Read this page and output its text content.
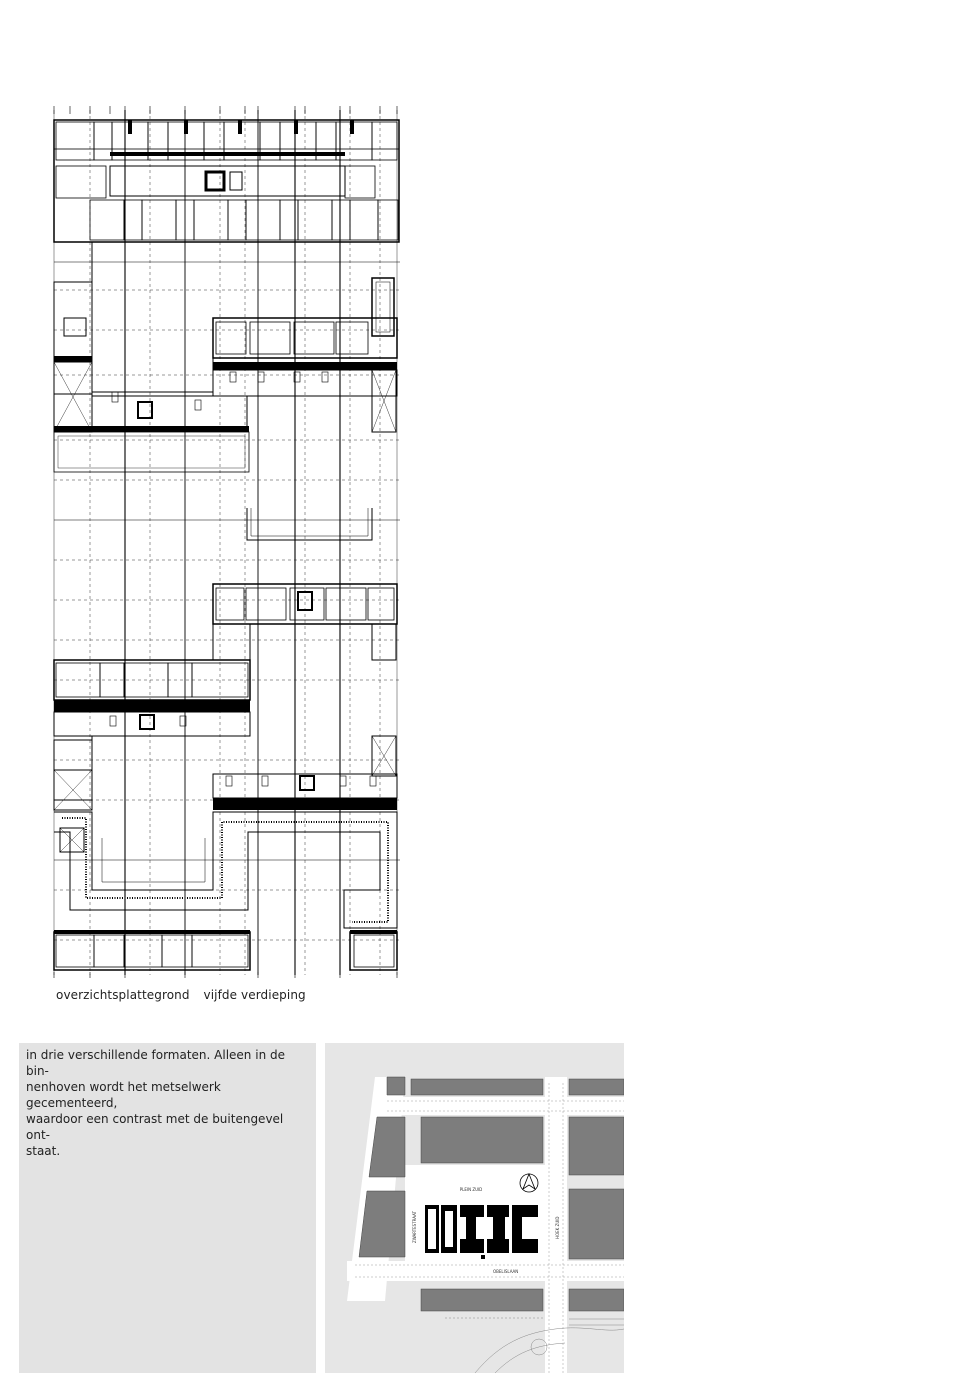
overzichtsplattegrond vijfde verdieping

in drie verschillende formaten. Alleen in de bin-
nenhoven wordt het metselwerk gecementeerd,
waardoor een contrast met de buitengevel ont-
staat.

PLEIN ZUID
ZWARTESTRAAT	HOEK ZUID
OBELISLAAN
